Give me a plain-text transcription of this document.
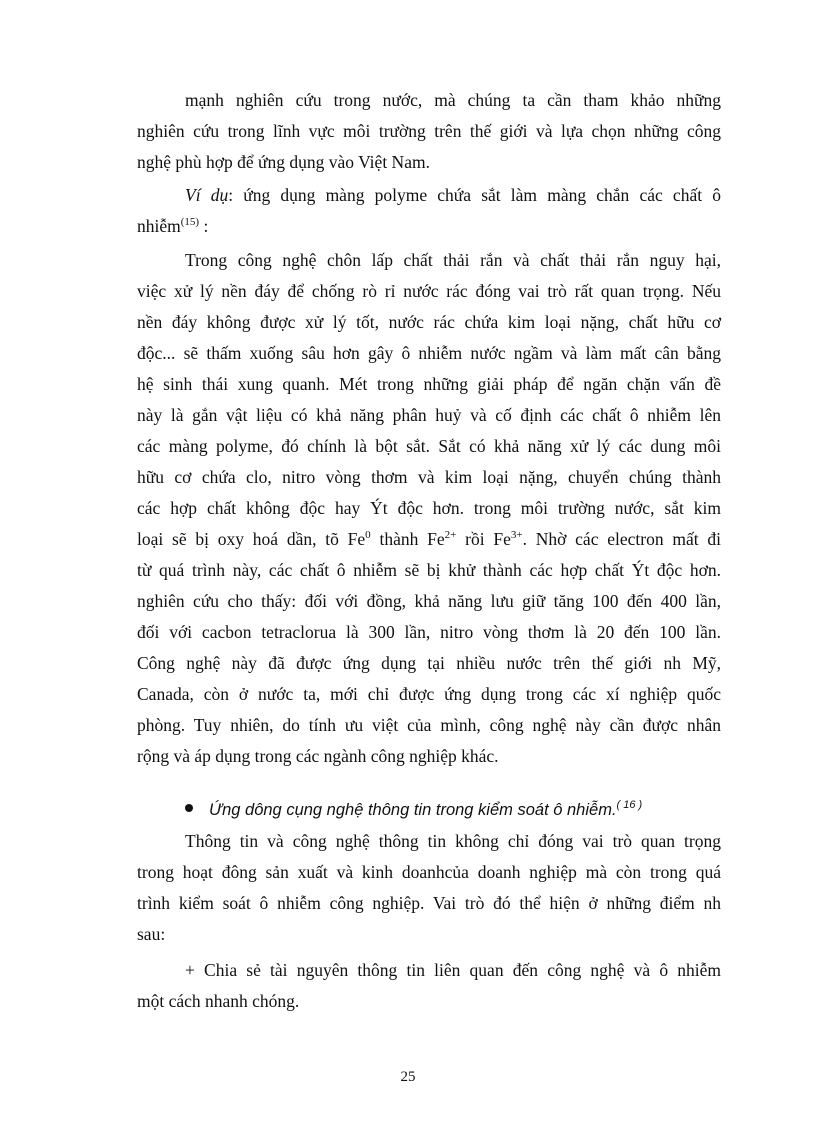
mạnh nghiên cứu trong nước, mà chúng ta cần tham khảo những
nghiên cứu trong lĩnh vực môi trường trên thế giới và lựa chọn những công
nghệ phù hợp để ứng dụng vào Việt Nam.
Ví dụ: ứng dụng màng polyme chứa sắt làm màng chắn các chất ô
nhiễm$^{(15)}$ :
Trong công nghệ chôn lấp chất thải rắn và chất thải rắn nguy hại,
việc xử lý nền đáy để chống rò rỉ nước rác đóng vai trò rất quan trọng. Nếu
nền đáy không được xử lý tốt, nước rác chứa kim loại nặng, chất hữu cơ
độc... sẽ thấm xuống sâu hơn gây ô nhiễm nước ngầm và làm mất cân bằng
hệ sinh thái xung quanh. Mét trong những giải pháp để ngăn chặn vấn đề
này là gắn vật liệu có khả năng phân huỷ và cố định các chất ô nhiễm lên
các màng polyme, đó chính là bột sắt. Sắt có khả năng xử lý các dung môi
hữu cơ chứa clo, nitro vòng thơm và kim loại nặng, chuyển chúng thành
các hợp chất không độc hay Ýt độc hơn. trong môi trường nước, sắt kim
loại sẽ bị oxy hoá dần, tõ Fe$^0$ thành $Fe^{2+}$ rồi $Fe^{3+}$. Nhờ các electron mất đi
từ quá trình này, các chất ô nhiễm sẽ bị khử thành các hợp chất Ýt độc hơn.
nghiên cứu cho thấy: đối với đồng, khả năng lưu giữ tăng 100 đến 400 lần,
đối với cacbon tetraclorua là 300 lần, nitro vòng thơm là 20 đến 100 lần.
Công nghệ này đã được ứng dụng tại nhiều nước trên thế giới nh Mỹ,
Canada, còn ở nước ta, mới chỉ được ứng dụng trong các xí nghiệp quốc
phòng. Tuy nhiên, do tính ưu việt của mình, công nghệ này cần được nhân
rộng và áp dụng trong các ngành công nghiệp khác.
Ứng dông cụng nghệ thông tin trong kiểm soát ô nhiễm.$^{( 16 )}$
Thông tin và công nghệ thông tin không chỉ đóng vai trò quan trọng
trong hoạt đông sản xuất và kinh doanhcủa doanh nghiệp mà còn trong quá
trình kiểm soát ô nhiễm công nghiệp. Vai trò đó thể hiện ở những điểm nh
sau:
+ Chia sẻ tài nguyên thông tin liên quan đến công nghệ và ô nhiễm
một cách nhanh chóng.
25
